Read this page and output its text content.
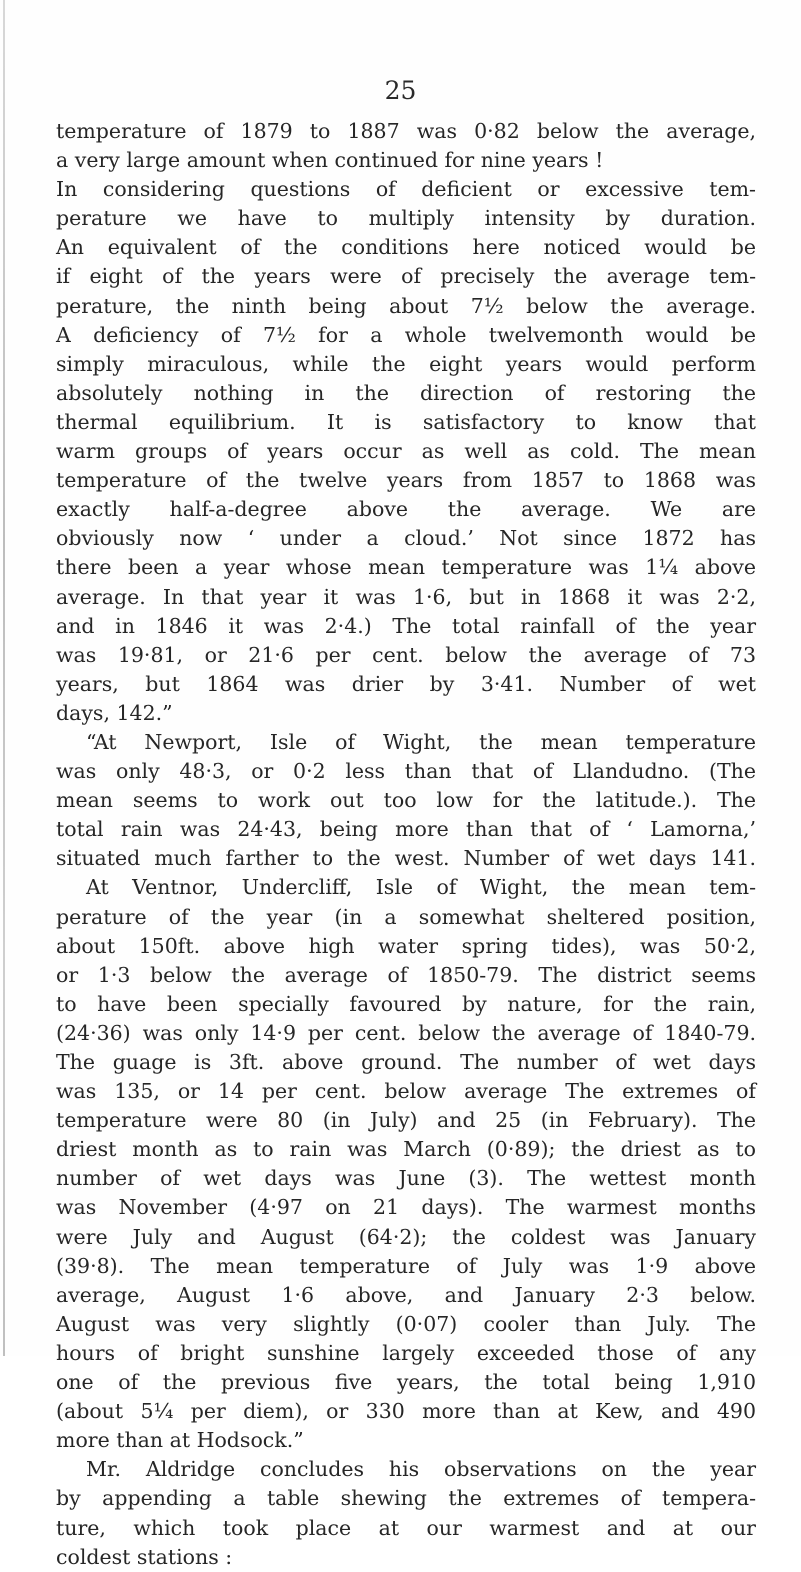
25
temperature of 1879 to 1887 was 0·82 below the average,
a very large amount when continued for nine years !
In considering questions of deficient or excessive tem-
perature we have to multiply intensity by duration.
An equivalent of the conditions here noticed would be
if eight of the years were of precisely the average tem-
perature, the ninth being about 7½ below the average.
A deficiency of 7½ for a whole twelvemonth would be
simply miraculous, while the eight years would perform
absolutely nothing in the direction of restoring the
thermal equilibrium. It is satisfactory to know that
warm groups of years occur as well as cold. The mean
temperature of the twelve years from 1857 to 1868 was
exactly half-a-degree above the average. We are
obviously now ‘ under a cloud.’ Not since 1872 has
there been a year whose mean temperature was 1¼ above
average. In that year it was 1·6, but in 1868 it was 2·2,
and in 1846 it was 2·4.) The total rainfall of the year
was 19·81, or 21·6 per cent. below the average of 73
years, but 1864 was drier by 3·41. Number of wet
days, 142.”
“At Newport, Isle of Wight, the mean temperature
was only 48·3, or 0·2 less than that of Llandudno. (The
mean seems to work out too low for the latitude.). The
total rain was 24·43, being more than that of ‘ Lamorna,’
situated much farther to the west. Number of wet days 141.
At Ventnor, Undercliff, Isle of Wight, the mean tem-
perature of the year (in a somewhat sheltered position,
about 150ft. above high water spring tides), was 50·2,
or 1·3 below the average of 1850-79. The district seems
to have been specially favoured by nature, for the rain,
(24·36) was only 14·9 per cent. below the average of 1840-79.
The guage is 3ft. above ground. The number of wet days
was 135, or 14 per cent. below average The extremes of
temperature were 80 (in July) and 25 (in February). The
driest month as to rain was March (0·89); the driest as to
number of wet days was June (3). The wettest month
was November (4·97 on 21 days). The warmest months
were July and August (64·2); the coldest was January
(39·8). The mean temperature of July was 1·9 above
average, August 1·6 above, and January 2·3 below.
August was very slightly (0·07) cooler than July. The
hours of bright sunshine largely exceeded those of any
one of the previous five years, the total being 1,910
(about 5¼ per diem), or 330 more than at Kew, and 490
more than at Hodsock.”
Mr. Aldridge concludes his observations on the year
by appending a table shewing the extremes of tempera-
ture, which took place at our warmest and at our
coldest stations :
